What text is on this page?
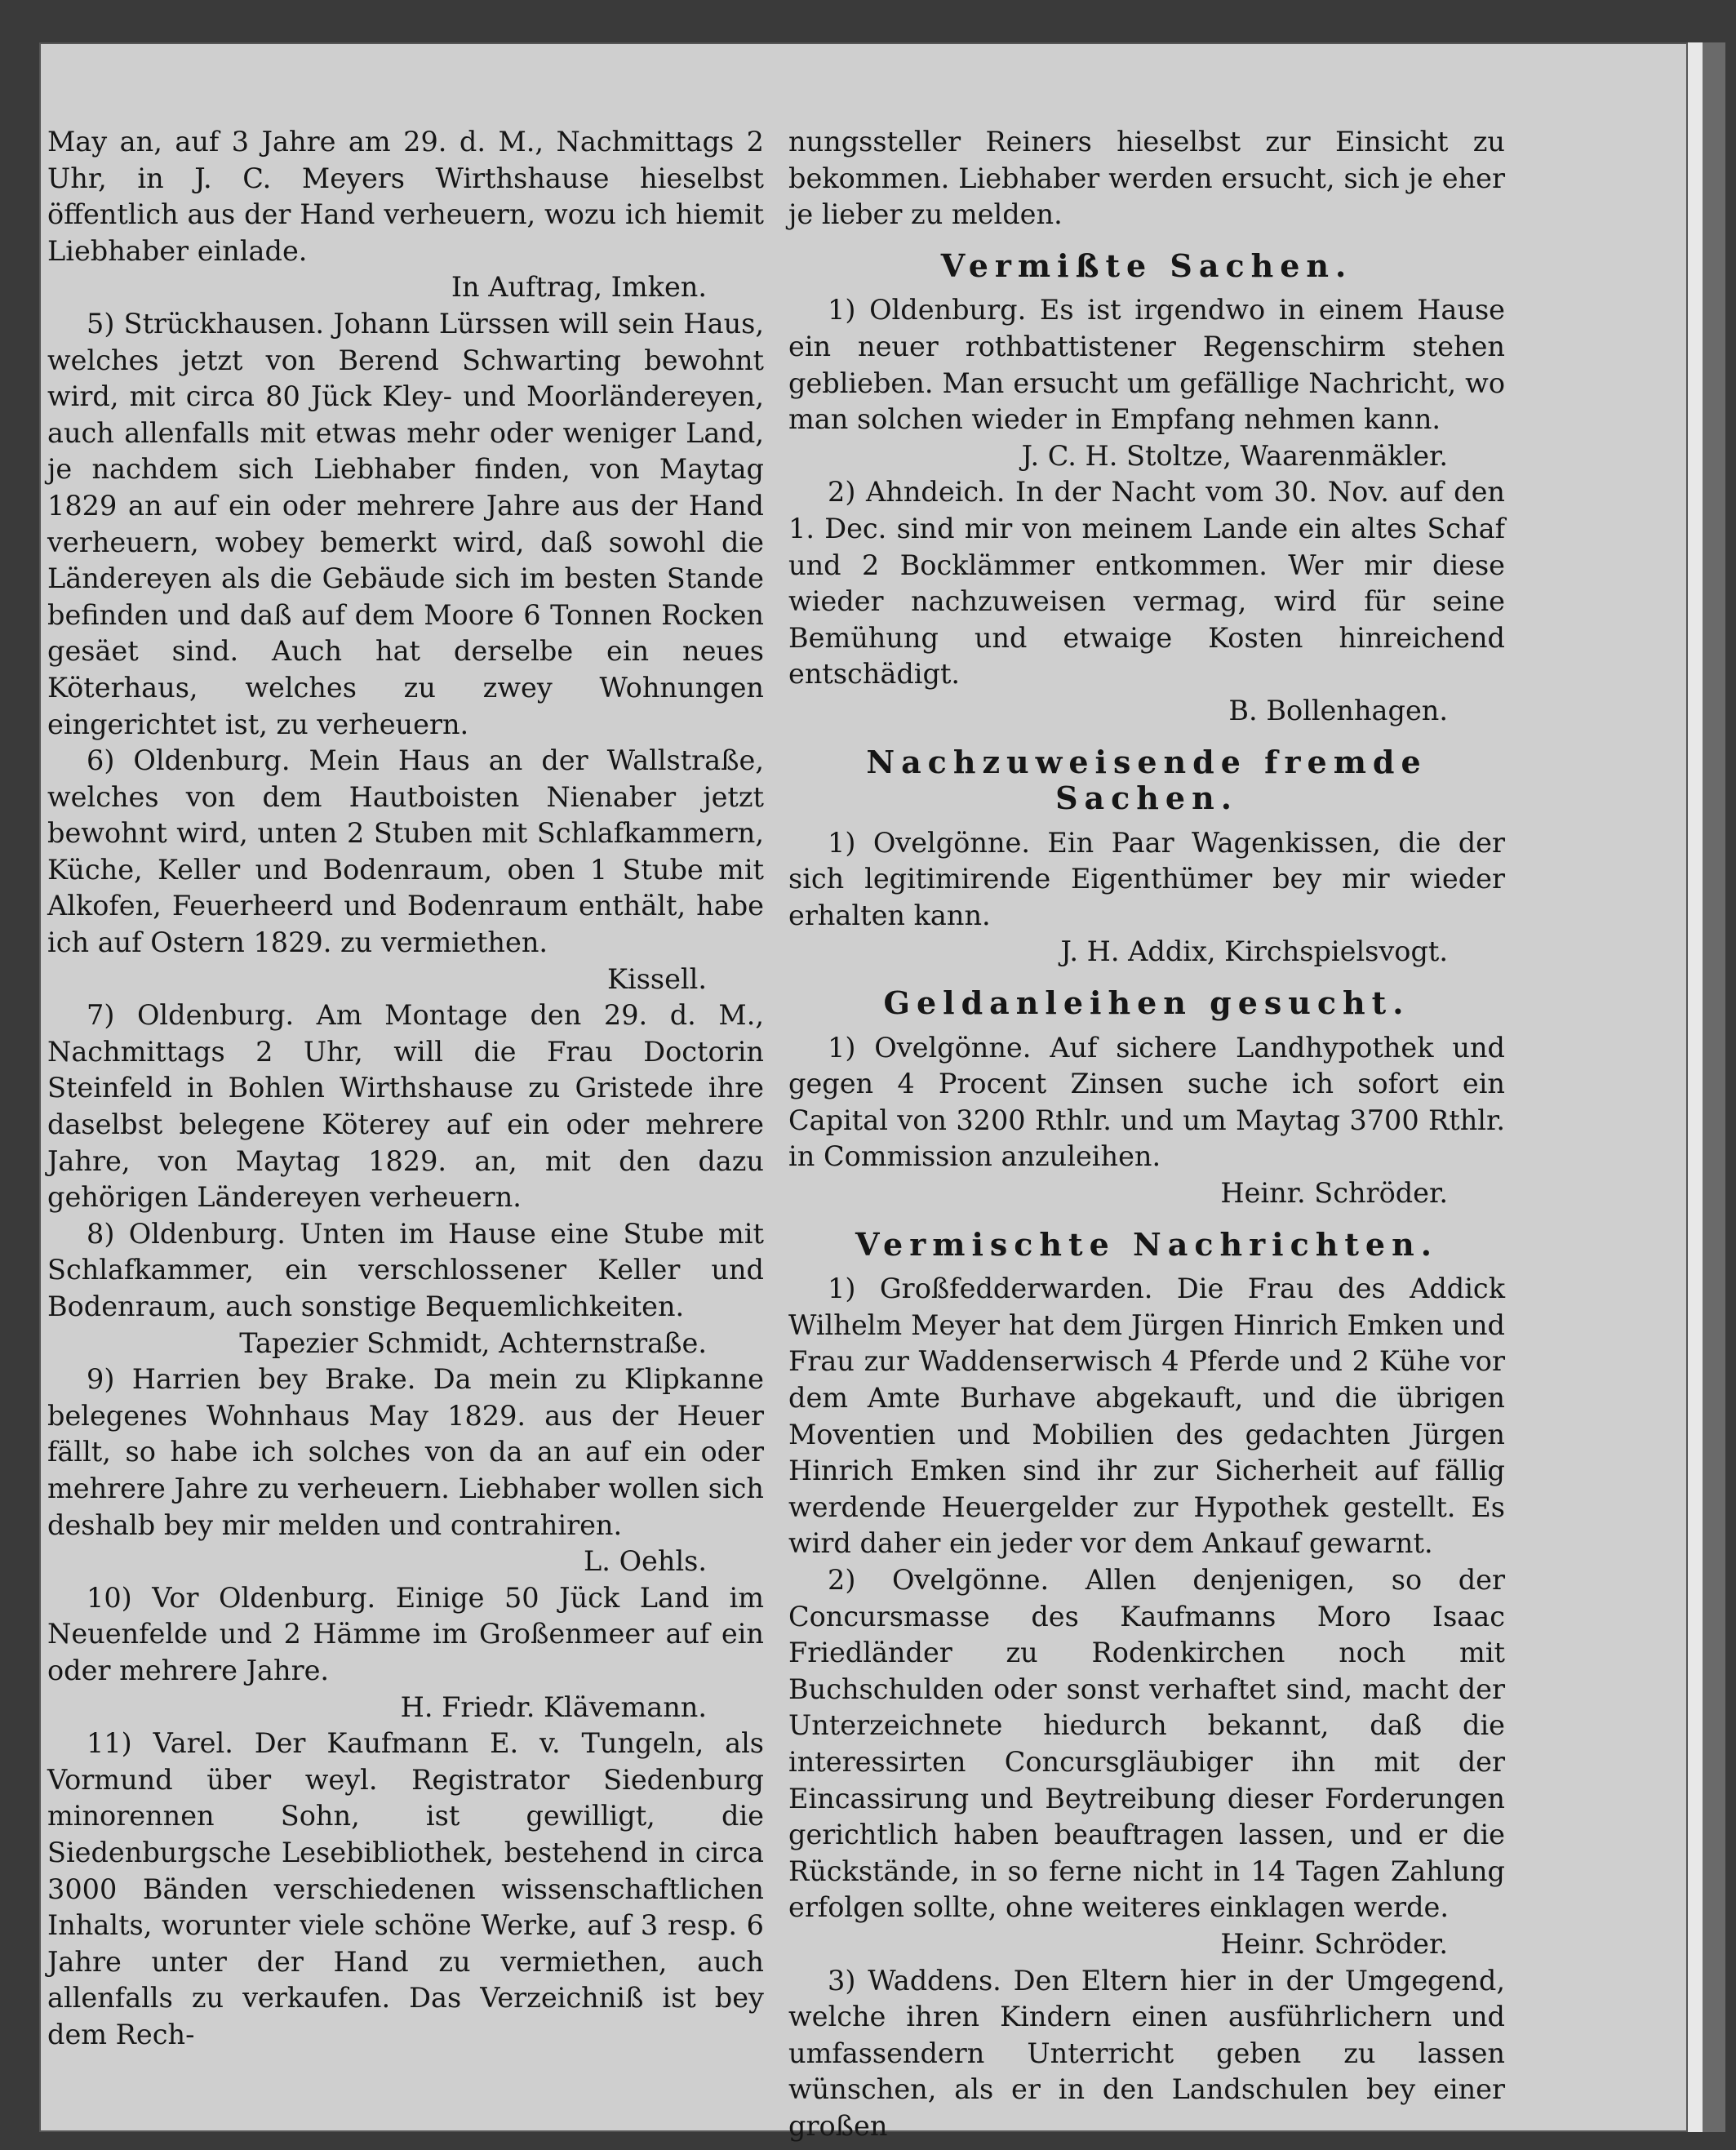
May an, auf 3 Jahre am 29. d. M., Nachmittags 2 Uhr, in J. C. Meyers Wirthshause hieselbst öffentlich aus der Hand verheuern, wozu ich hiemit Liebhaber einlade.
In Auftrag, Imken.
5) Strückhausen. Johann Lürssen will sein Haus, welches jetzt von Berend Schwarting bewohnt wird, mit circa 80 Jück Kley- und Moorländereyen, auch allenfalls mit etwas mehr oder weniger Land, je nachdem sich Liebhaber finden, von Maytag 1829 an auf ein oder mehrere Jahre aus der Hand verheuern, wobey bemerkt wird, daß sowohl die Ländereyen als die Gebäude sich im besten Stande befinden und daß auf dem Moore 6 Tonnen Rocken gesäet sind. Auch hat derselbe ein neues Köterhaus, welches zu zwey Wohnungen eingerichtet ist, zu verheuern.
6) Oldenburg. Mein Haus an der Wallstraße, welches von dem Hautboisten Nienaber jetzt bewohnt wird, unten 2 Stuben mit Schlafkammern, Küche, Keller und Bodenraum, oben 1 Stube mit Alkofen, Feuerheerd und Bodenraum enthält, habe ich auf Ostern 1829. zu vermiethen.
Kissell.
7) Oldenburg. Am Montage den 29. d. M., Nachmittags 2 Uhr, will die Frau Doctorin Steinfeld in Bohlen Wirthshause zu Gristede ihre daselbst belegene Köterey auf ein oder mehrere Jahre, von Maytag 1829. an, mit den dazu gehörigen Ländereyen verheuern.
8) Oldenburg. Unten im Hause eine Stube mit Schlafkammer, ein verschlossener Keller und Bodenraum, auch sonstige Bequemlichkeiten.
Tapezier Schmidt, Achternstraße.
9) Harrien bey Brake. Da mein zu Klipkanne belegenes Wohnhaus May 1829. aus der Heuer fällt, so habe ich solches von da an auf ein oder mehrere Jahre zu verheuern. Liebhaber wollen sich deshalb bey mir melden und contrahiren.
L. Oehls.
10) Vor Oldenburg. Einige 50 Jück Land im Neuenfelde und 2 Hämme im Großenmeer auf ein oder mehrere Jahre.
H. Friedr. Klävemann.
11) Varel. Der Kaufmann E. v. Tungeln, als Vormund über weyl. Registrator Siedenburg minorennen Sohn, ist gewilligt, die Siedenburgsche Lesebibliothek, bestehend in circa 3000 Bänden verschiedenen wissenschaftlichen Inhalts, worunter viele schöne Werke, auf 3 resp. 6 Jahre unter der Hand zu vermiethen, auch allenfalls zu verkaufen. Das Verzeichniß ist bey dem Rech-
nungssteller Reiners hieselbst zur Einsicht zu bekommen. Liebhaber werden ersucht, sich je eher je lieber zu melden.
Vermißte Sachen.
1) Oldenburg. Es ist irgendwo in einem Hause ein neuer rothbattistener Regenschirm stehen geblieben. Man ersucht um gefällige Nachricht, wo man solchen wieder in Empfang nehmen kann.
J. C. H. Stoltze, Waarenmäkler.
2) Ahndeich. In der Nacht vom 30. Nov. auf den 1. Dec. sind mir von meinem Lande ein altes Schaf und 2 Bocklämmer entkommen. Wer mir diese wieder nachzuweisen vermag, wird für seine Bemühung und etwaige Kosten hinreichend entschädigt.
B. Bollenhagen.
Nachzuweisende fremde Sachen.
1) Ovelgönne. Ein Paar Wagenkissen, die der sich legitimirende Eigenthümer bey mir wieder erhalten kann.
J. H. Addix, Kirchspielsvogt.
Geldanleihen gesucht.
1) Ovelgönne. Auf sichere Landhypothek und gegen 4 Procent Zinsen suche ich sofort ein Capital von 3200 Rthlr. und um Maytag 3700 Rthlr. in Commission anzuleihen.
Heinr. Schröder.
Vermischte Nachrichten.
1) Großfedderwarden. Die Frau des Addick Wilhelm Meyer hat dem Jürgen Hinrich Emken und Frau zur Waddenserwisch 4 Pferde und 2 Kühe vor dem Amte Burhave abgekauft, und die übrigen Moventien und Mobilien des gedachten Jürgen Hinrich Emken sind ihr zur Sicherheit auf fällig werdende Heuergelder zur Hypothek gestellt. Es wird daher ein jeder vor dem Ankauf gewarnt.
2) Ovelgönne. Allen denjenigen, so der Concursmasse des Kaufmanns Moro Isaac Friedländer zu Rodenkirchen noch mit Buchschulden oder sonst verhaftet sind, macht der Unterzeichnete hiedurch bekannt, daß die interessirten Concursgläubiger ihn mit der Eincassirung und Beytreibung dieser Forderungen gerichtlich haben beauftragen lassen, und er die Rückstände, in so ferne nicht in 14 Tagen Zahlung erfolgen sollte, ohne weiteres einklagen werde.
Heinr. Schröder.
3) Waddens. Den Eltern hier in der Umgegend, welche ihren Kindern einen ausführlichern und umfassendern Unterricht geben zu lassen wünschen, als er in den Landschulen bey einer großen
